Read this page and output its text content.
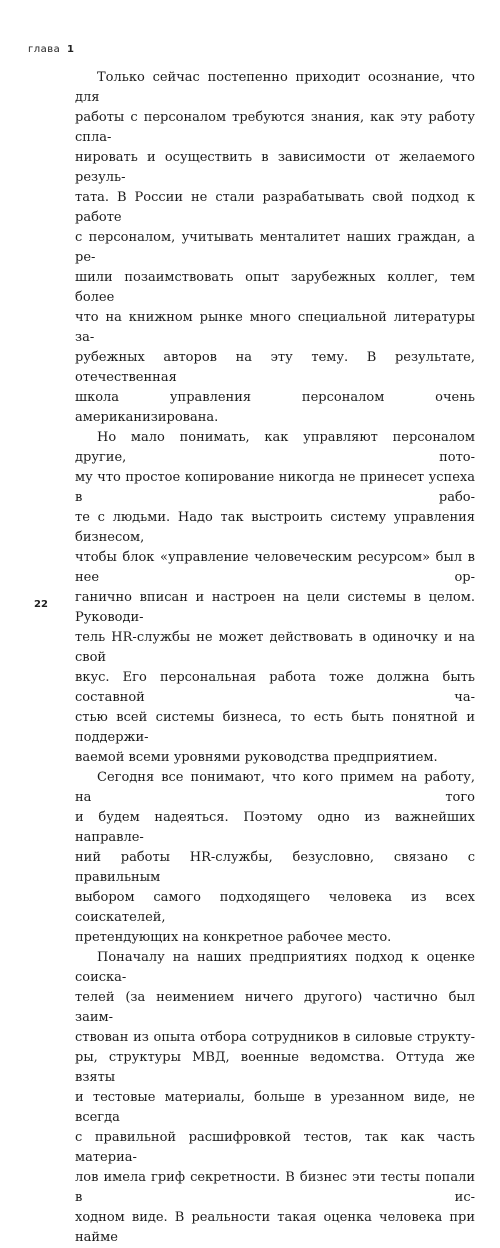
глава 1

Только сейчас постепенно приходит осознание, что для
работы с персоналом требуются знания, как эту работу спла-
нировать и осуществить в зависимости от желаемого резуль-
тата. В России не стали разрабатывать свой подход к работе
с персоналом, учитывать менталитет наших граждан, а ре-
шили позаимствовать опыт зарубежных коллег, тем более
что на книжном рынке много специальной литературы за-
рубежных авторов на эту тему. В результате, отечественная
школа управления персоналом очень американизирована.

Но мало понимать, как управляют персоналом другие, пото-
му что простое копирование никогда не принесет успеха в рабо-
те с людьми. Надо так выстроить систему управления бизнесом,
чтобы блок «управление человеческим ресурсом» был в нее ор-
ганично вписан и настроен на цели системы в целом. Руководи-
тель HR-службы не может действовать в одиночку и на свой
вкус. Его персональная работа тоже должна быть составной ча-
стью всей системы бизнеса, то есть быть понятной и поддержи-
ваемой всеми уровнями руководства предприятием.

Сегодня все понимают, что кого примем на работу, на того
и будем надеяться. Поэтому одно из важнейших направле-
ний работы HR-службы, безусловно, связано с правильным
выбором самого подходящего человека из всех соискателей,
претендующих на конкретное рабочее место.

Поначалу на наших предприятиях подход к оценке соиска-
телей (за неимением ничего другого) частично был заим-
ствован из опыта отбора сотрудников в силовые структу-
ры, структуры МВД, военные ведомства. Оттуда же взяты
и тестовые материалы, больше в урезанном виде, не всегда
с правильной расшифровкой тестов, так как часть материа-
лов имела гриф секретности. В бизнес эти тесты попали в ис-
ходном виде. В реальности такая оценка человека при найме

22
